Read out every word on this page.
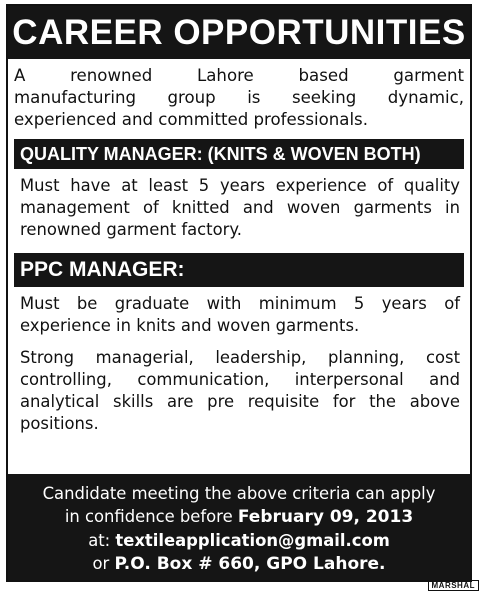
CAREER OPPORTUNITIES
A renowned Lahore based garment
manufacturing group is seeking dynamic,
experienced and committed professionals.
QUALITY MANAGER: (KNITS & WOVEN BOTH)
Must have at least 5 years experience of quality management of knitted and woven garments in renowned garment factory.
PPC MANAGER:
Must be graduate with minimum 5 years of experience in knits and woven garments.
Strong managerial, leadership, planning, cost controlling, communication, interpersonal and analytical skills are pre requisite for the above positions.
Candidate meeting the above criteria can apply
in confidence before February 09, 2013
at: textileapplication@gmail.com
or P.O. Box # 660, GPO Lahore.
MARSHAL
